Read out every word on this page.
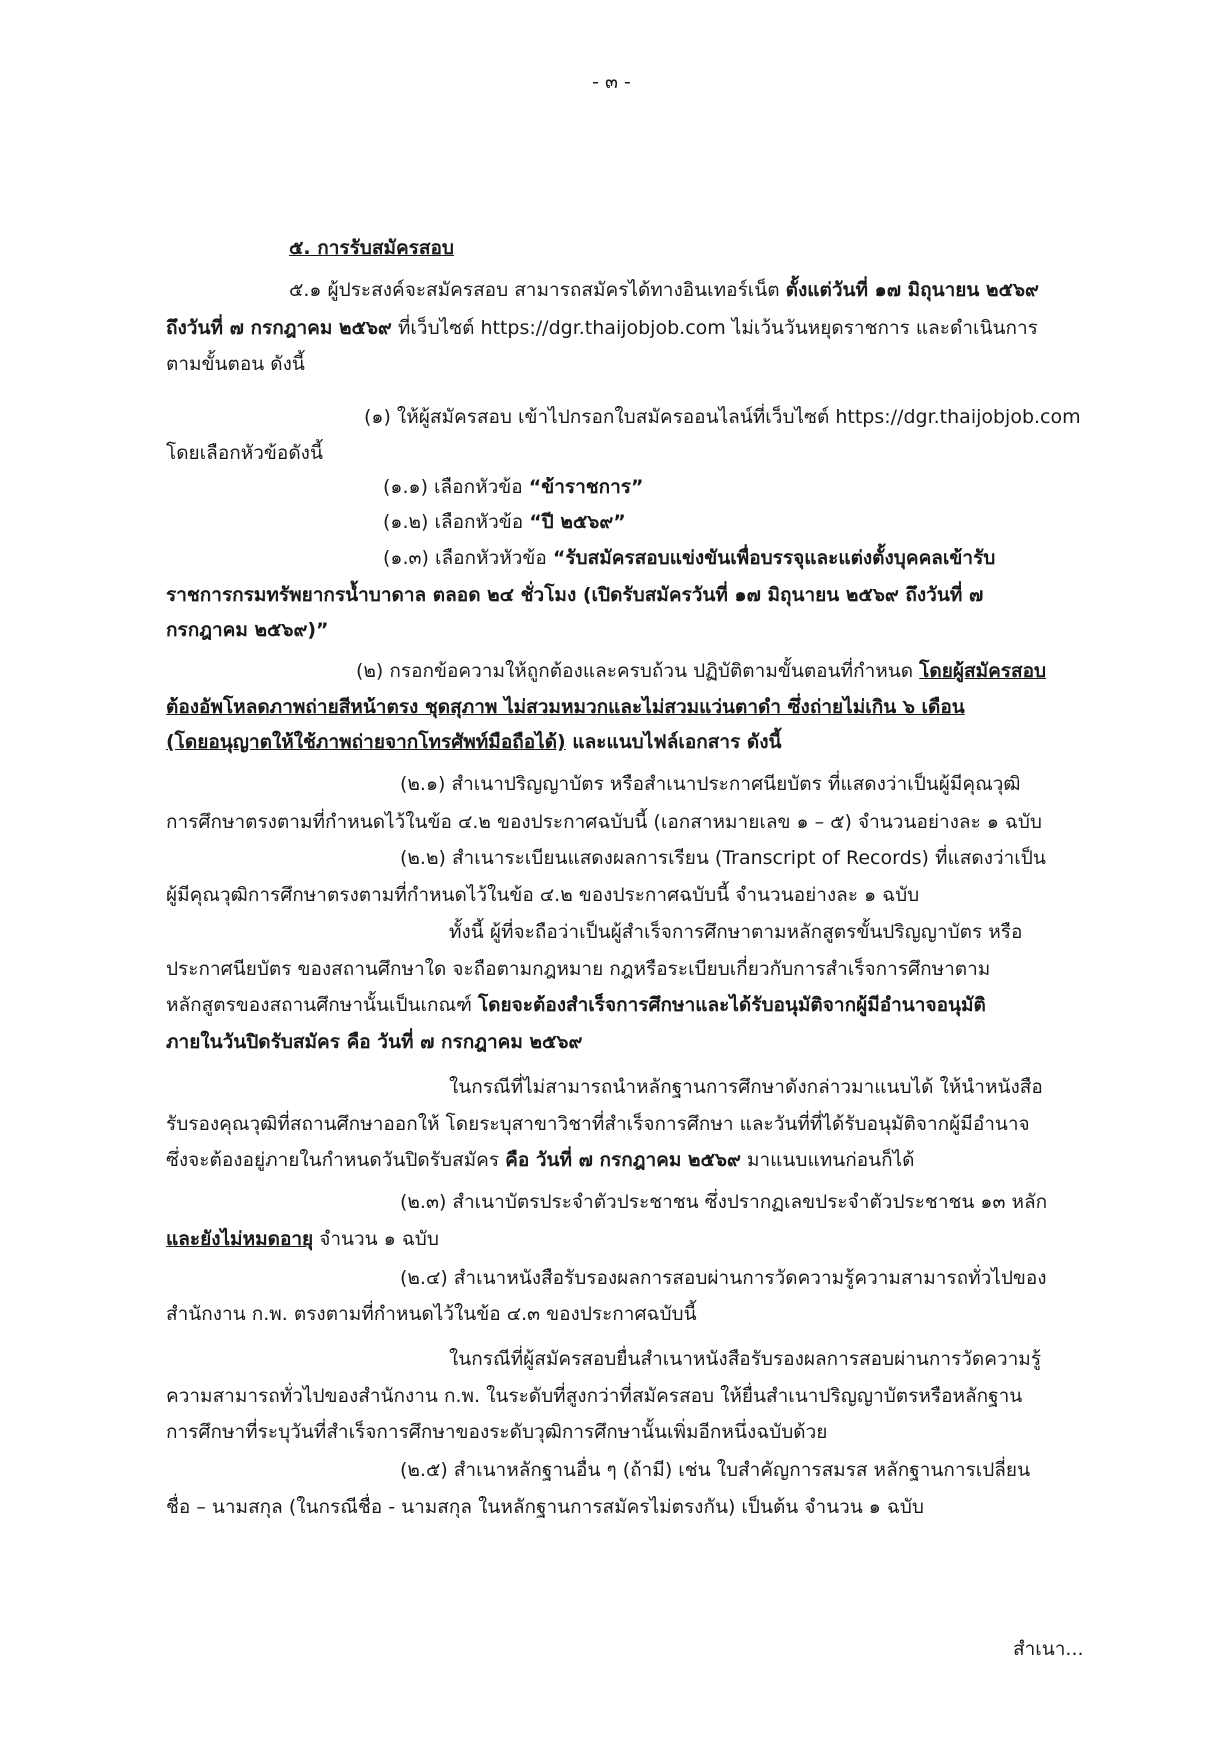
- ๓ -

๕. การรับสมัครสอบ

๕.๑ ผู้ประสงค์จะสมัครสอบ สามารถสมัครได้ทางอินเทอร์เน็ต ตั้งแต่วันที่ ๑๗ มิถุนายน ๒๕๖๙

ถึงวันที่ ๗ กรกฎาคม ๒๕๖๙ ที่เว็บไซต์ https://dgr.thaijobjob.com ไม่เว้นวันหยุดราชการ และดำเนินการ

ตามขั้นตอน ดังนี้

(๑) ให้ผู้สมัครสอบ เข้าไปกรอกใบสมัครออนไลน์ที่เว็บไซต์ https://dgr.thaijobjob.com

โดยเลือกหัวข้อดังนี้

(๑.๑) เลือกหัวข้อ “ข้าราชการ”

(๑.๒) เลือกหัวข้อ “ปี ๒๕๖๙”

(๑.๓) เลือกหัวหัวข้อ “รับสมัครสอบแข่งขันเพื่อบรรจุและแต่งตั้งบุคคลเข้ารับ

ราชการกรมทรัพยากรน้ำบาดาล ตลอด ๒๔ ชั่วโมง (เปิดรับสมัครวันที่ ๑๗ มิถุนายน ๒๕๖๙ ถึงวันที่ ๗

กรกฎาคม ๒๕๖๙)”

(๒) กรอกข้อความให้ถูกต้องและครบถ้วน ปฏิบัติตามขั้นตอนที่กำหนด โดยผู้สมัครสอบ

ต้องอัพโหลดภาพถ่ายสีหน้าตรง ชุดสุภาพ ไม่สวมหมวกและไม่สวมแว่นตาดำ ซึ่งถ่ายไม่เกิน ๖ เดือน

(โดยอนุญาตให้ใช้ภาพถ่ายจากโทรศัพท์มือถือได้) และแนบไฟล์เอกสาร ดังนี้

(๒.๑) สำเนาปริญญาบัตร หรือสำเนาประกาศนียบัตร ที่แสดงว่าเป็นผู้มีคุณวุฒิ

การศึกษาตรงตามที่กำหนดไว้ในข้อ ๔.๒ ของประกาศฉบับนี้ (เอกสาหมายเลข ๑ – ๕) จำนวนอย่างละ ๑ ฉบับ

(๒.๒) สำเนาระเบียนแสดงผลการเรียน (Transcript of Records) ที่แสดงว่าเป็น

ผู้มีคุณวุฒิการศึกษาตรงตามที่กำหนดไว้ในข้อ ๔.๒ ของประกาศฉบับนี้ จำนวนอย่างละ ๑ ฉบับ

ทั้งนี้ ผู้ที่จะถือว่าเป็นผู้สำเร็จการศึกษาตามหลักสูตรขั้นปริญญาบัตร หรือ

ประกาศนียบัตร ของสถานศึกษาใด จะถือตามกฎหมาย กฎหรือระเบียบเกี่ยวกับการสำเร็จการศึกษาตาม

หลักสูตรของสถานศึกษานั้นเป็นเกณฑ์ โดยจะต้องสำเร็จการศึกษาและได้รับอนุมัติจากผู้มีอำนาจอนุมัติ

ภายในวันปิดรับสมัคร คือ วันที่ ๗ กรกฎาคม ๒๕๖๙

ในกรณีที่ไม่สามารถนำหลักฐานการศึกษาดังกล่าวมาแนบได้ ให้นำหนังสือ

รับรองคุณวุฒิที่สถานศึกษาออกให้ โดยระบุสาขาวิชาที่สำเร็จการศึกษา และวันที่ที่ได้รับอนุมัติจากผู้มีอำนาจ

ซึ่งจะต้องอยู่ภายในกำหนดวันปิดรับสมัคร คือ วันที่ ๗ กรกฎาคม ๒๕๖๙ มาแนบแทนก่อนก็ได้

(๒.๓) สำเนาบัตรประจำตัวประชาชน ซึ่งปรากฏเลขประจำตัวประชาชน ๑๓ หลัก

และยังไม่หมดอายุ จำนวน ๑ ฉบับ

(๒.๔) สำเนาหนังสือรับรองผลการสอบผ่านการวัดความรู้ความสามารถทั่วไปของ

สำนักงาน ก.พ. ตรงตามที่กำหนดไว้ในข้อ ๔.๓ ของประกาศฉบับนี้

ในกรณีที่ผู้สมัครสอบยื่นสำเนาหนังสือรับรองผลการสอบผ่านการวัดความรู้

ความสามารถทั่วไปของสำนักงาน ก.พ. ในระดับที่สูงกว่าที่สมัครสอบ ให้ยื่นสำเนาปริญญาบัตรหรือหลักฐาน

การศึกษาที่ระบุวันที่สำเร็จการศึกษาของระดับวุฒิการศึกษานั้นเพิ่มอีกหนึ่งฉบับด้วย

(๒.๕) สำเนาหลักฐานอื่น ๆ (ถ้ามี) เช่น ใบสำคัญการสมรส หลักฐานการเปลี่ยน

ชื่อ – นามสกุล (ในกรณีชื่อ - นามสกุล ในหลักฐานการสมัครไม่ตรงกัน) เป็นต้น จำนวน ๑ ฉบับ

สำเนา...
